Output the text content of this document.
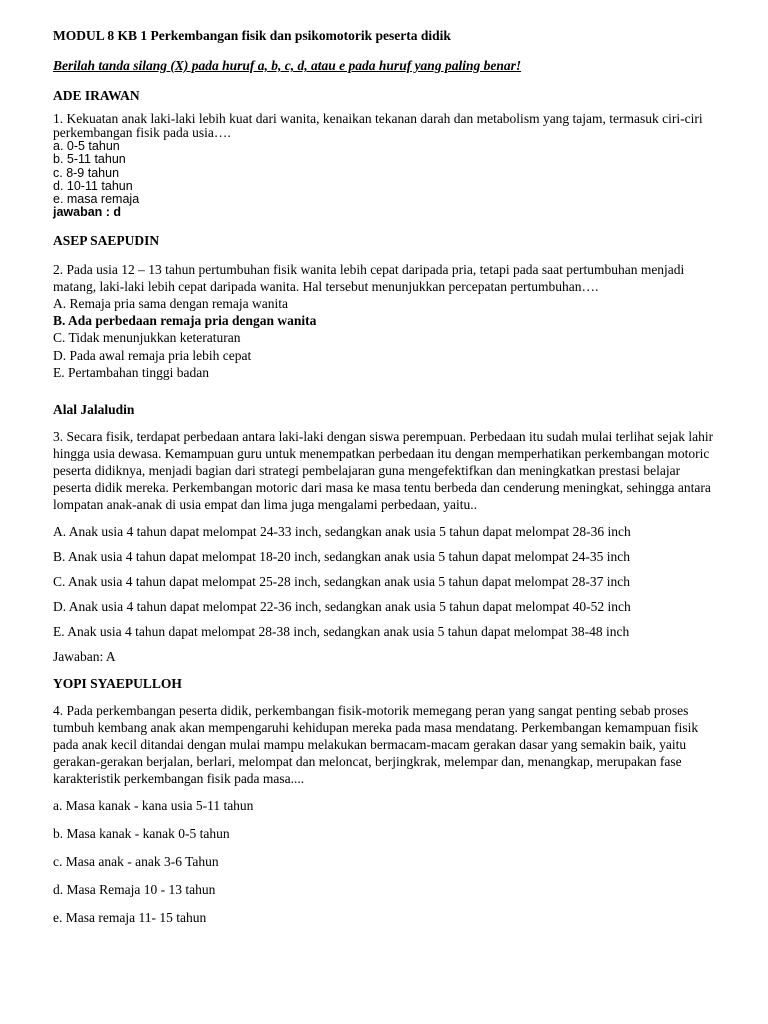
MODUL 8 KB 1 Perkembangan fisik dan psikomotorik peserta didik

Berilah tanda silang (X) pada huruf a, b, c, d, atau e pada huruf yang paling benar!

ADE IRAWAN

1. Kekuatan anak laki-laki lebih kuat dari wanita, kenaikan tekanan darah dan metabolism yang tajam, termasuk ciri-ciri perkembangan fisik pada usia….

a. 0-5 tahun

b. 5-11 tahun

c. 8-9 tahun

d. 10-11 tahun

e. masa remaja

jawaban : d

ASEP SAEPUDIN

2. Pada usia 12 – 13 tahun pertumbuhan fisik wanita lebih cepat daripada pria, tetapi pada saat pertumbuhan menjadi matang, laki-laki lebih cepat daripada wanita. Hal tersebut menunjukkan percepatan pertumbuhan….

A. Remaja pria sama dengan remaja wanita

B. Ada perbedaan remaja pria dengan wanita

C. Tidak menunjukkan keteraturan

D. Pada awal remaja pria lebih cepat

E. Pertambahan tinggi badan

Alal Jalaludin

3. Secara fisik, terdapat perbedaan antara laki-laki dengan siswa perempuan. Perbedaan itu sudah mulai terlihat sejak lahir hingga usia dewasa. Kemampuan guru untuk menempatkan perbedaan itu dengan memperhatikan perkembangan motoric peserta didiknya, menjadi bagian dari strategi pembelajaran guna mengefektifkan dan meningkatkan prestasi belajar peserta didik mereka. Perkembangan motoric dari masa ke masa tentu berbeda dan cenderung meningkat, sehingga antara lompatan anak-anak di usia empat dan lima juga mengalami perbedaan, yaitu..

A. Anak usia 4 tahun dapat melompat 24-33 inch, sedangkan anak usia 5 tahun dapat melompat 28-36 inch

B. Anak usia 4 tahun dapat melompat 18-20 inch, sedangkan anak usia 5 tahun dapat melompat 24-35 inch

C. Anak usia 4 tahun dapat melompat 25-28 inch, sedangkan anak usia 5 tahun dapat melompat 28-37 inch

D. Anak usia 4 tahun dapat melompat 22-36 inch, sedangkan anak usia 5 tahun dapat melompat 40-52 inch

E. Anak usia 4 tahun dapat melompat 28-38 inch, sedangkan anak usia 5 tahun dapat melompat 38-48 inch

Jawaban: A

YOPI SYAEPULLOH

4. Pada perkembangan peserta didik, perkembangan fisik-motorik memegang peran yang sangat penting sebab proses tumbuh kembang anak akan mempengaruhi kehidupan mereka pada masa mendatang. Perkembangan kemampuan fisik pada anak kecil ditandai dengan mulai mampu melakukan bermacam-macam gerakan dasar yang semakin baik, yaitu gerakan-gerakan berjalan, berlari, melompat dan meloncat, berjingkrak, melempar dan, menangkap, merupakan fase karakteristik perkembangan fisik pada masa....

a. Masa kanak - kana usia 5-11 tahun

b. Masa kanak - kanak 0-5 tahun

c. Masa anak - anak 3-6 Tahun

d. Masa Remaja 10 - 13 tahun

e. Masa remaja 11- 15 tahun
